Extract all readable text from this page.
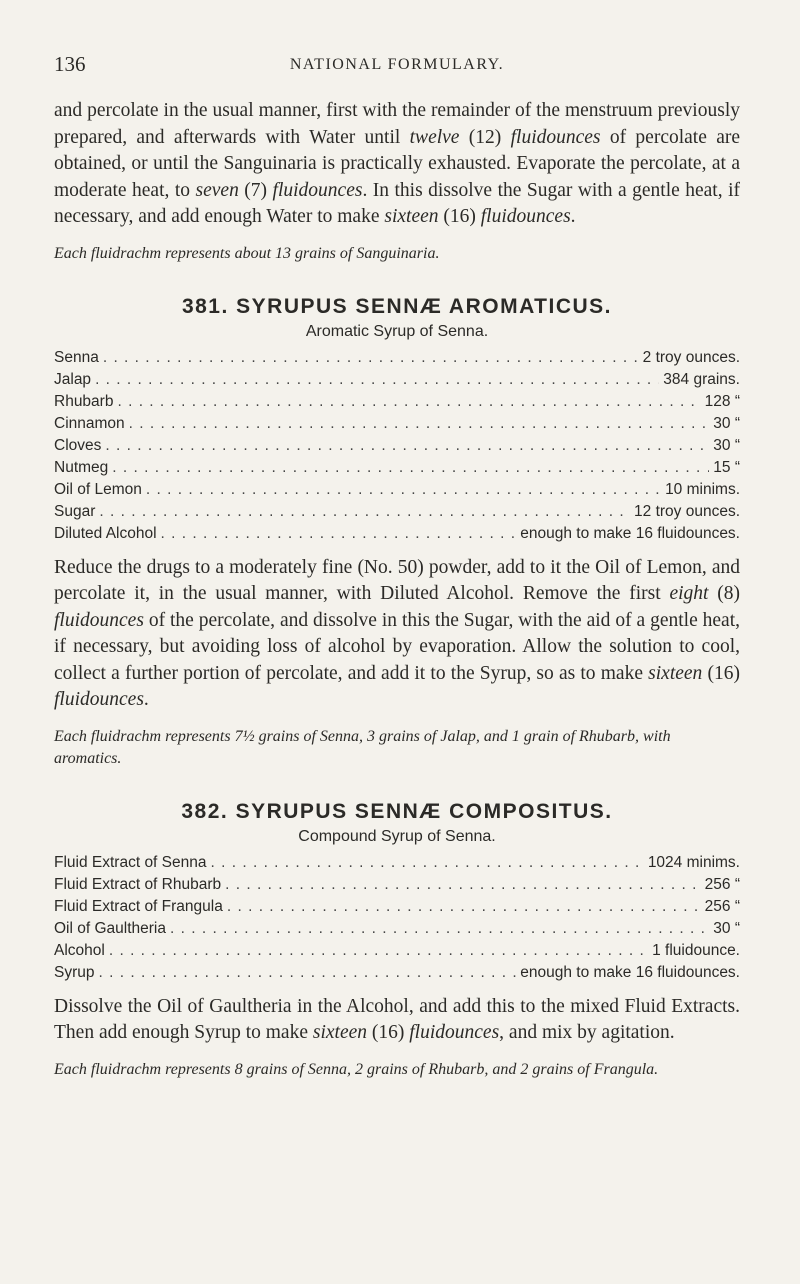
136	NATIONAL FORMULARY.

and percolate in the usual manner, first with the remainder of the menstruum previously prepared, and afterwards with Water until twelve (12) fluidounces of percolate are obtained, or until the Sanguinaria is practically exhausted. Evaporate the percolate, at a moderate heat, to seven (7) fluidounces. In this dissolve the Sugar with a gentle heat, if necessary, and add enough Water to make sixteen (16) fluidounces.

Each fluidrachm represents about 13 grains of Sanguinaria.
381. SYRUPUS SENNÆ AROMATICUS.
Aromatic Syrup of Senna.
Senna . . .	2 troy ounces.
Jalap . . .	384 grains.
Rhubarb . . .	128 “
Cinnamon . . .	30 “
Cloves . . .	30 “
Nutmeg . . .	15 “
Oil of Lemon . . .	10 minims.
Sugar . . .	12 troy ounces.
Diluted Alcohol . . .	enough to make 16 fluidounces.

Reduce the drugs to a moderately fine (No. 50) powder, add to it the Oil of Lemon, and percolate it, in the usual manner, with Diluted Alcohol. Remove the first eight (8) fluidounces of the percolate, and dissolve in this the Sugar, with the aid of a gentle heat, if necessary, but avoiding loss of alcohol by evaporation. Allow the solution to cool, collect a further portion of percolate, and add it to the Syrup, so as to make sixteen (16) fluidounces.

Each fluidrachm represents 7½ grains of Senna, 3 grains of Jalap, and 1 grain of Rhubarb, with aromatics.
382. SYRUPUS SENNÆ COMPOSITUS.
Compound Syrup of Senna.
Fluid Extract of Senna . . .	1024 minims.
Fluid Extract of Rhubarb . . .	256 “
Fluid Extract of Frangula . . .	256 “
Oil of Gaultheria . . .	30 “
Alcohol . . .	1 fluidounce.
Syrup . . .	enough to make 16 fluidounces.

Dissolve the Oil of Gaultheria in the Alcohol, and add this to the mixed Fluid Extracts. Then add enough Syrup to make sixteen (16) fluidounces, and mix by agitation.

Each fluidrachm represents 8 grains of Senna, 2 grains of Rhubarb, and 2 grains of Frangula.
